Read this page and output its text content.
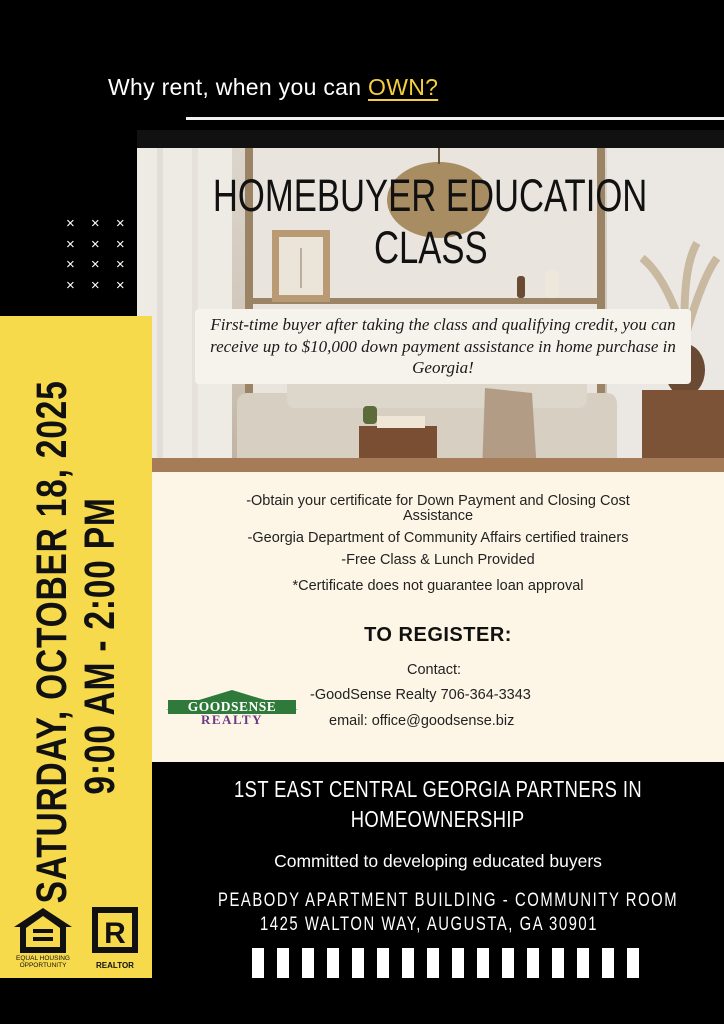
Why rent, when you can OWN?
× × ×
× × ×
× × ×
× × ×
HOMEBUYER EDUCATION
CLASS
First-time buyer after taking the class and qualifying credit, you can receive up to $10,000 down payment assistance in home purchase in Georgia!
SATURDAY, OCTOBER 18, 2025 9:00 AM - 2:00 PM	-Obtain your certificate for Down Payment and Closing Cost
Assistance
-Georgia Department of Community Affairs certified trainers
-Free Class & Lunch Provided
*Certificate does not guarantee loan approval
TO REGISTER:
Contact:
-GoodSense Realty 706-364-3343
email: office@goodsense.biz
GOODSENSE
REALTY
1ST EAST CENTRAL GEORGIA PARTNERS IN
HOMEOWNERSHIP
Committed to developing educated buyers
PEABODY APARTMENT BUILDING - COMMUNITY ROOM
1425 WALTON WAY, AUGUSTA, GA 30901
EQUAL HOUSING
OPPORTUNITY
R
REALTOR
